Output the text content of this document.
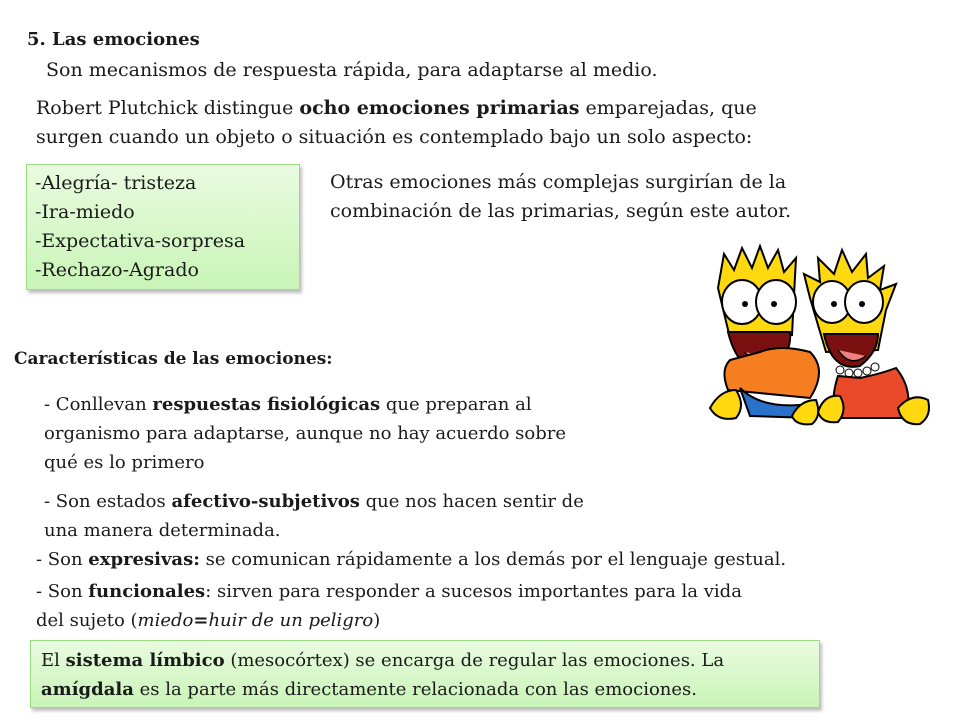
5. Las emociones
Son mecanismos de respuesta rápida, para adaptarse al medio.
Robert Plutchick distingue ocho emociones primarias emparejadas, que
surgen cuando un objeto o situación es contemplado bajo un solo aspecto:
-Alegría- tristeza
-Ira-miedo
-Expectativa-sorpresa
-Rechazo-Agrado
Otras emociones más complejas surgirían de la
combinación de las primarias, según este autor.
Características de las emociones:
- Conllevan respuestas fisiológicas que preparan al
organismo para adaptarse, aunque no hay acuerdo sobre
qué es lo primero
- Son estados afectivo-subjetivos que nos hacen sentir de
una manera determinada.
- Son expresivas: se comunican rápidamente a los demás por el lenguaje gestual.
- Son funcionales: sirven para responder a sucesos importantes para la vida
del sujeto (miedo=huir de un peligro)
El sistema límbico (mesocórtex) se encarga de regular las emociones. La
amígdala es la parte más directamente relacionada con las emociones.
